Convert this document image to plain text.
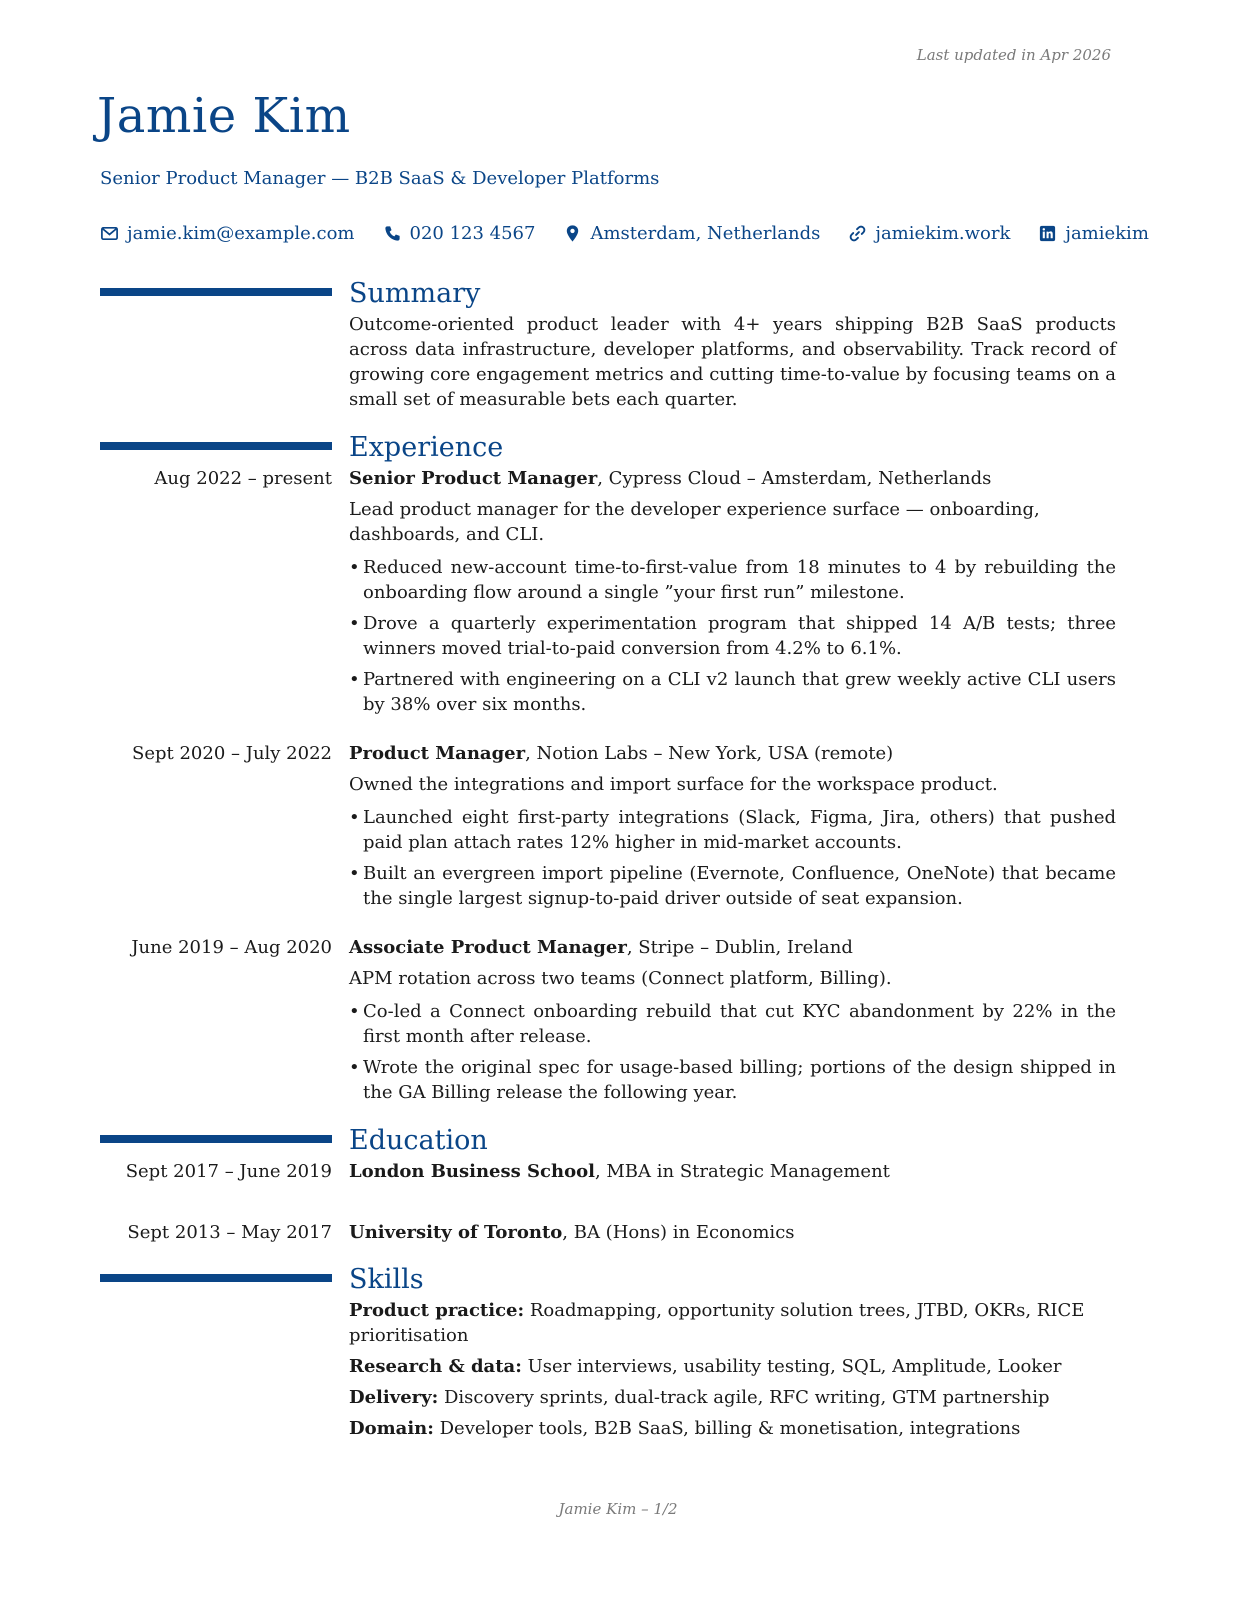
Last updated in Apr 2026
Jamie Kim
Senior Product Manager — B2B SaaS & Developer Platforms
jamie.kim@example.com	020 123 4567	Amsterdam, Netherlands	jamiekim.work	jamiekim
Summary
Outcome-oriented product leader with 4+ years shipping B2B SaaS products across data infrastructure, developer platforms, and observability. Track record of growing core engagement metrics and cutting time-to-value by focusing teams on a small set of measurable bets each quarter.
Experience
Aug 2022 – present Senior Product Manager, Cypress Cloud – Amsterdam, Netherlands
Lead product manager for the developer experience surface — onboarding, dashboards, and CLI.
• Reduced new-account time-to-first-value from 18 minutes to 4 by rebuilding the onboarding flow around a single ”your first run” milestone.
• Drove a quarterly experimentation program that shipped 14 A/B tests; three winners moved trial-to-paid conversion from 4.2% to 6.1%.
• Partnered with engineering on a CLI v2 launch that grew weekly active CLI users by 38% over six months.
Sept 2020 – July 2022 Product Manager, Notion Labs – New York, USA (remote)
Owned the integrations and import surface for the workspace product.
• Launched eight first-party integrations (Slack, Figma, Jira, others) that pushed paid plan attach rates 12% higher in mid-market accounts.
• Built an evergreen import pipeline (Evernote, Confluence, OneNote) that became the single largest signup-to-paid driver outside of seat expansion.
June 2019 – Aug 2020 Associate Product Manager, Stripe – Dublin, Ireland
APM rotation across two teams (Connect platform, Billing).
• Co-led a Connect onboarding rebuild that cut KYC abandonment by 22% in the first month after release.
• Wrote the original spec for usage-based billing; portions of the design shipped in the GA Billing release the following year.
Education
Sept 2017 – June 2019 London Business School, MBA in Strategic Management
Sept 2013 – May 2017 University of Toronto, BA (Hons) in Economics
Skills
Product practice: Roadmapping, opportunity solution trees, JTBD, OKRs, RICE prioritisation
Research & data: User interviews, usability testing, SQL, Amplitude, Looker
Delivery: Discovery sprints, dual-track agile, RFC writing, GTM partnership
Domain: Developer tools, B2B SaaS, billing & monetisation, integrations
Jamie Kim – 1/2
